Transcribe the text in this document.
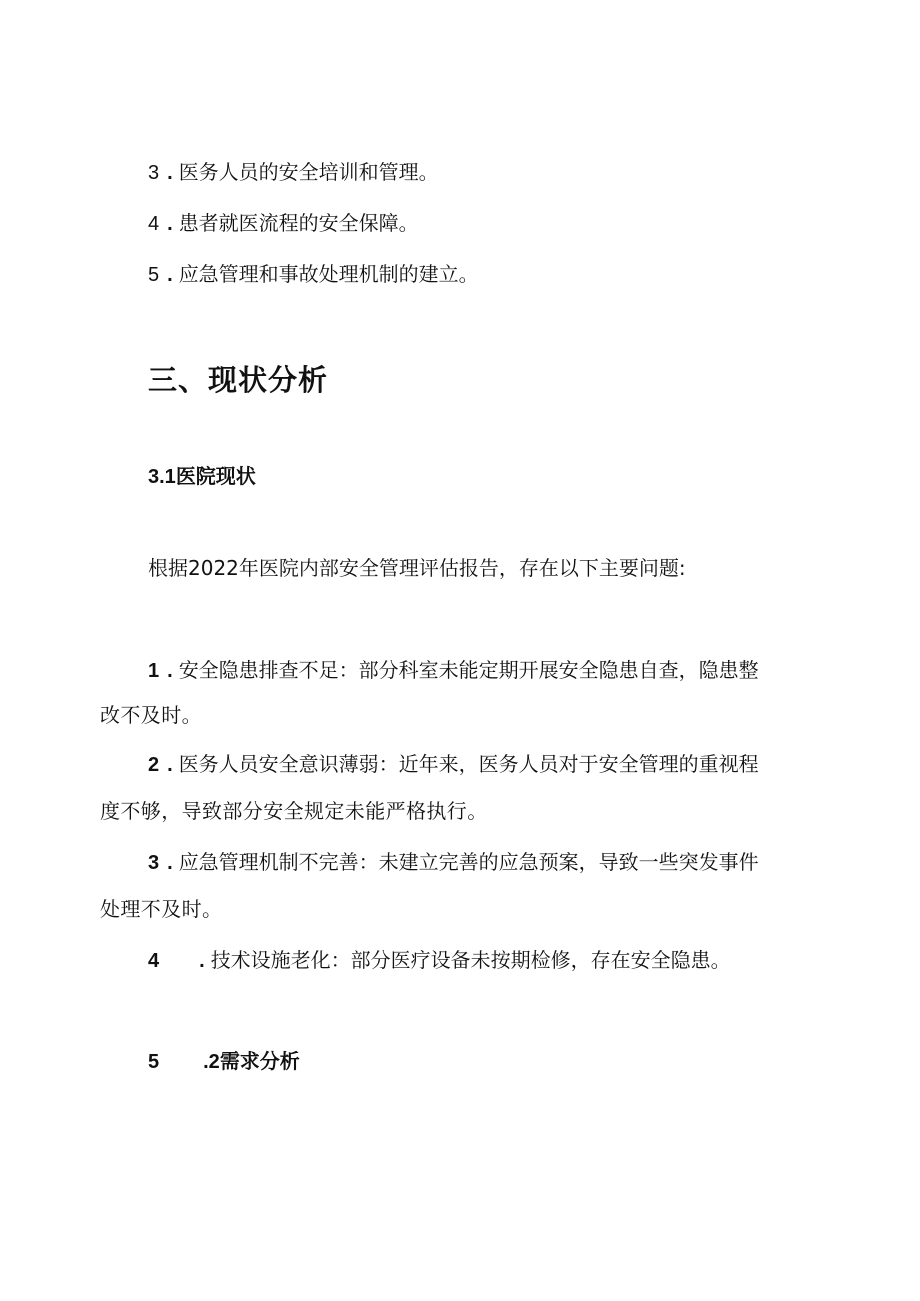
3 . 医务人员的安全培训和管理。
4 . 患者就医流程的安全保障。
5 . 应急管理和事故处理机制的建立。
三、现状分析
3.1医院现状
根据2022年医院内部安全管理评估报告，存在以下主要问题:
1 . 安全隐患排查不足：部分科室未能定期开展安全隐患自查，隐患整
改不及时。
2 . 医务人员安全意识薄弱：近年来，医务人员对于安全管理的重视程
度不够，导致部分安全规定未能严格执行。
3 . 应急管理机制不完善：未建立完善的应急预案，导致一些突发事件
处理不及时。
4 . 技术设施老化：部分医疗设备未按期检修，存在安全隐患。
5 .2需求分析
